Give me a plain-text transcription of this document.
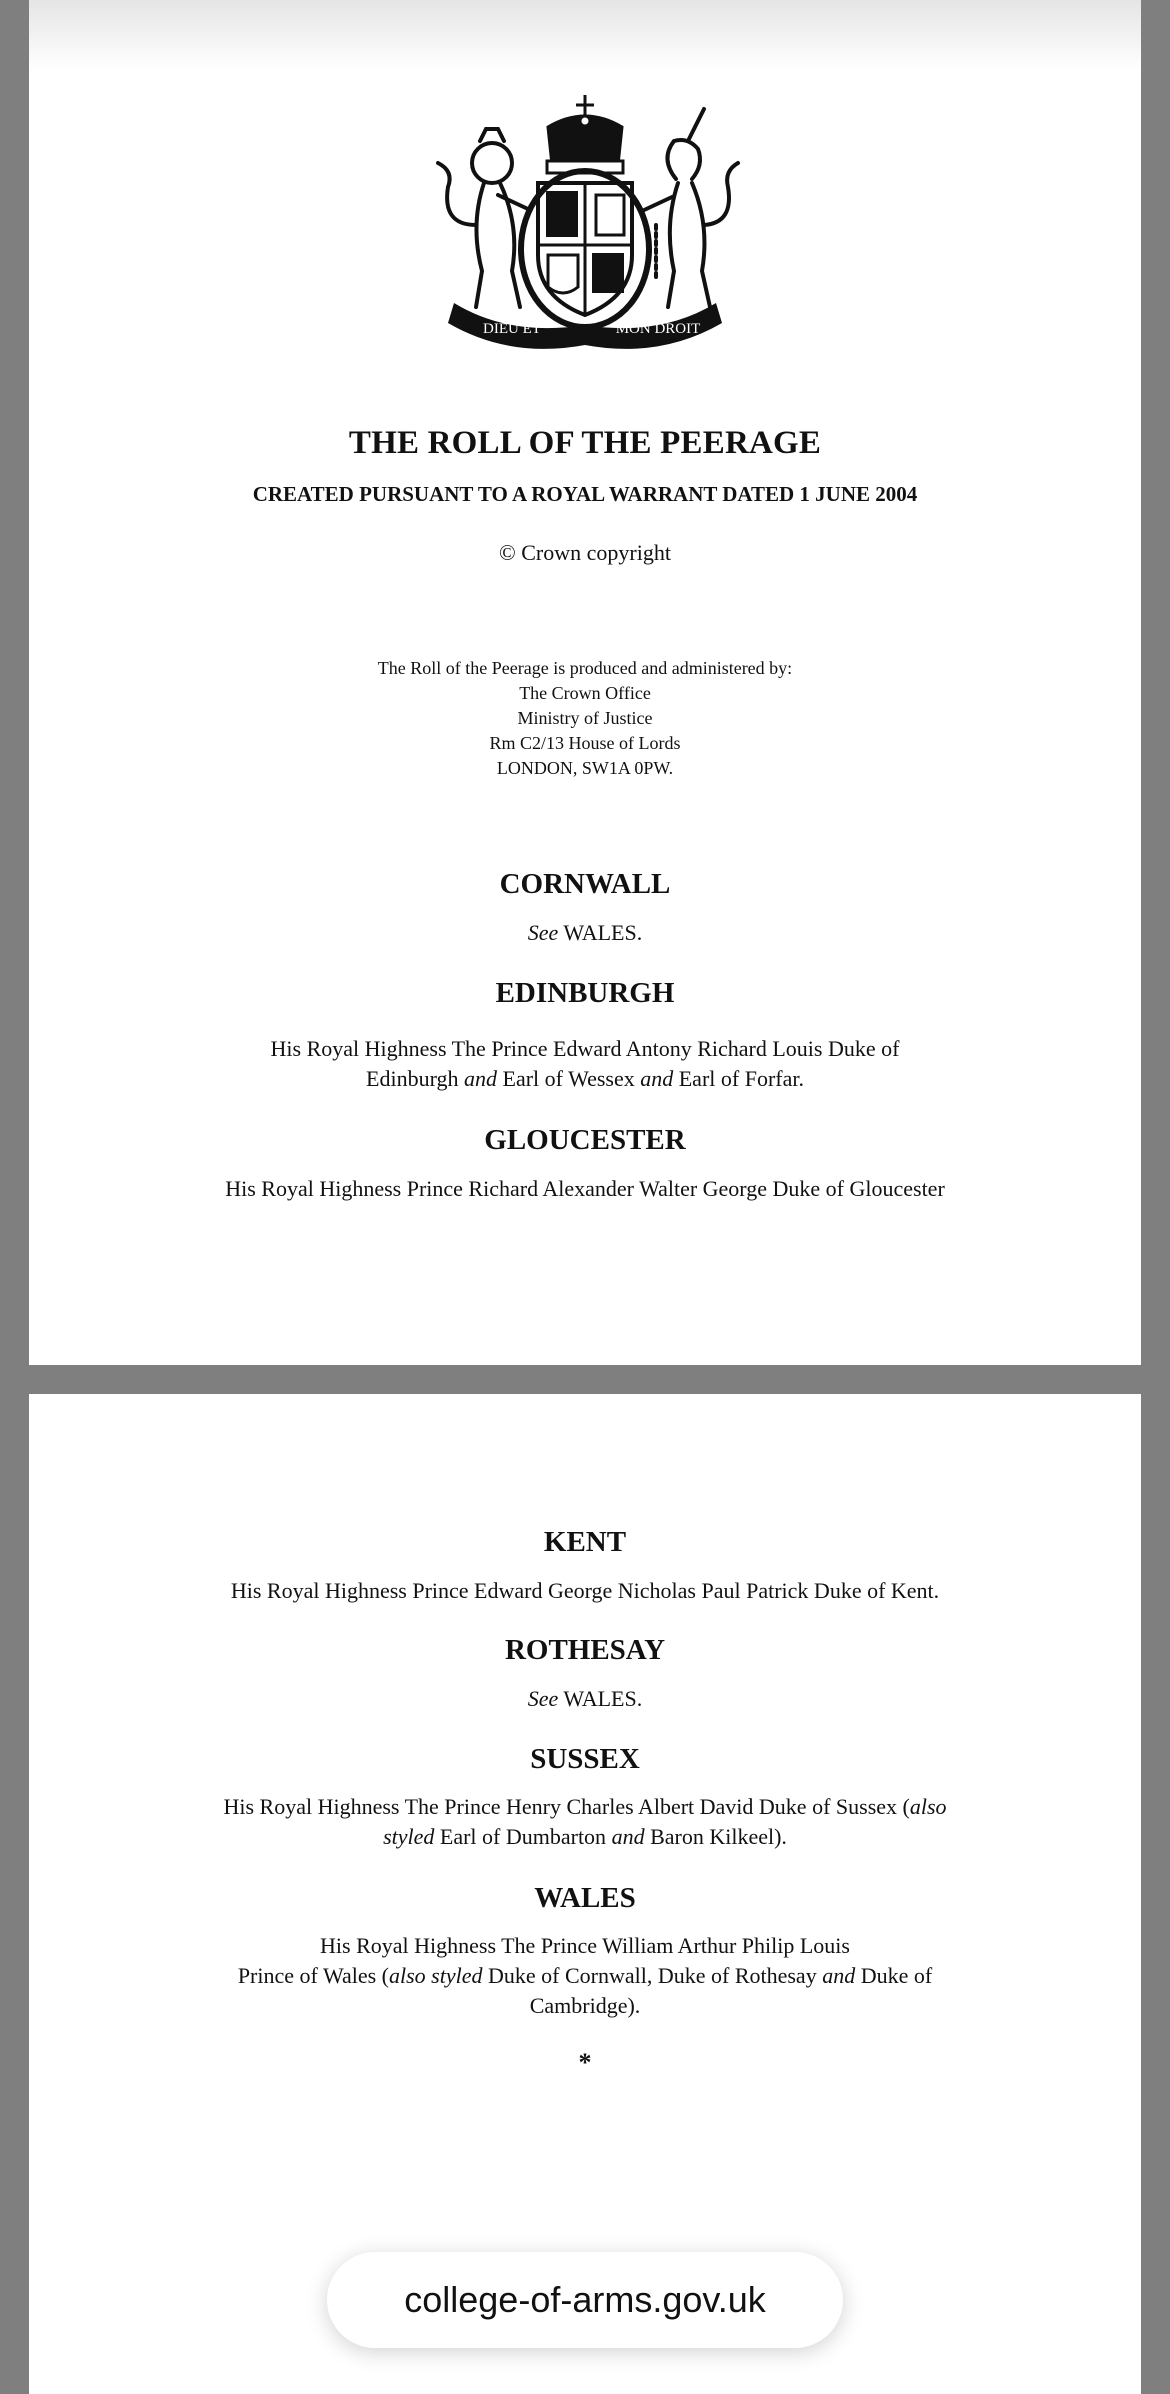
DIEU ET	MON DROIT

THE ROLL OF THE PEERAGE

CREATED PURSUANT TO A ROYAL WARRANT DATED 1 JUNE 2004

© Crown copyright

The Roll of the Peerage is produced and administered by:
The Crown Office
Ministry of Justice
Rm C2/13 House of Lords
LONDON, SW1A 0PW.

CORNWALL

See WALES.

EDINBURGH

His Royal Highness The Prince Edward Antony Richard Louis Duke of
Edinburgh and Earl of Wessex and Earl of Forfar.

GLOUCESTER

His Royal Highness Prince Richard Alexander Walter George Duke of Gloucester

KENT

His Royal Highness Prince Edward George Nicholas Paul Patrick Duke of Kent.

ROTHESAY

See WALES.

SUSSEX

His Royal Highness The Prince Henry Charles Albert David Duke of Sussex (also
styled Earl of Dumbarton and Baron Kilkeel).

WALES

His Royal Highness The Prince William Arthur Philip Louis
Prince of Wales (also styled Duke of Cornwall, Duke of Rothesay and Duke of
Cambridge).

*

college-of-arms.gov.uk
